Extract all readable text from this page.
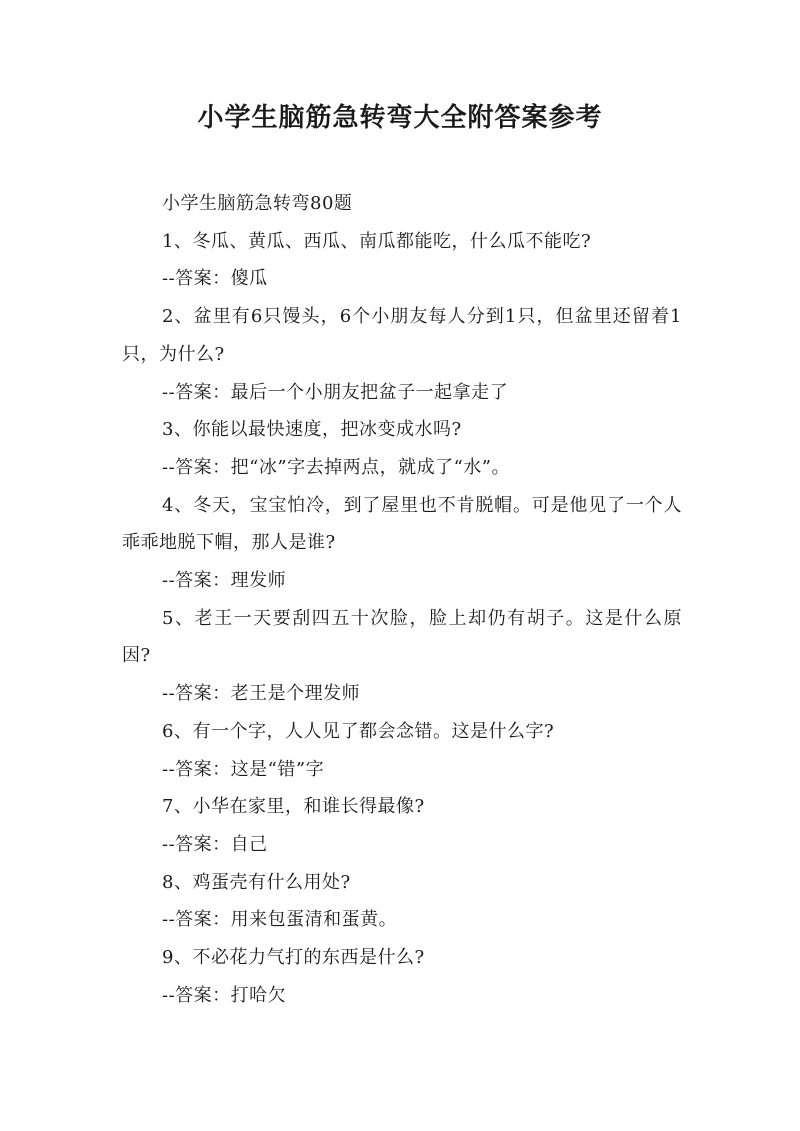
小学生脑筋急转弯大全附答案参考

小学生脑筋急转弯80题

1、冬瓜、黄瓜、西瓜、南瓜都能吃，什么瓜不能吃?

--答案：傻瓜

2、盆里有6只馒头，6个小朋友每人分到1只，但盆里还留着1只，为什么?

--答案：最后一个小朋友把盆子一起拿走了

3、你能以最快速度，把冰变成水吗?

--答案：把“冰”字去掉两点，就成了“水”。

4、冬天，宝宝怕冷，到了屋里也不肯脱帽。可是他见了一个人乖乖地脱下帽，那人是谁?

--答案：理发师

5、老王一天要刮四五十次脸，脸上却仍有胡子。这是什么原因?

--答案：老王是个理发师

6、有一个字，人人见了都会念错。这是什么字?

--答案：这是“错”字

7、小华在家里，和谁长得最像?

--答案：自己

8、鸡蛋壳有什么用处?

--答案：用来包蛋清和蛋黄。

9、不必花力气打的东西是什么?

--答案：打哈欠
